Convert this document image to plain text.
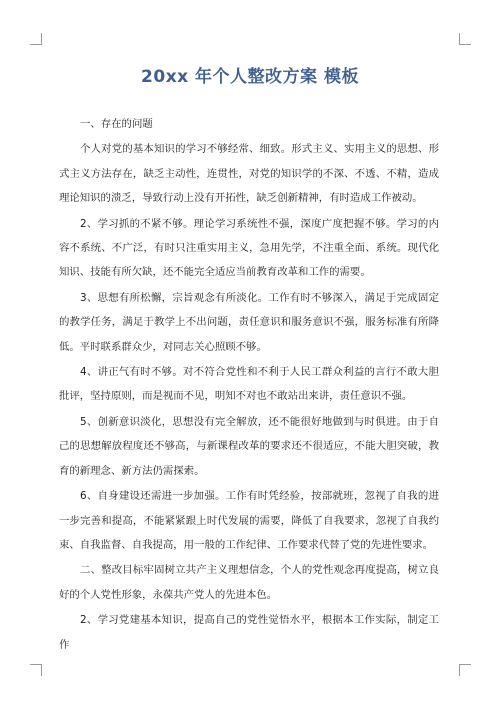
20xx 年个人整改方案 模板

一、存在的问题

个人对党的基本知识的学习不够经常、细致。形式主义、实用主义的思想、形式主义方法存在，缺乏主动性，连贯性，对党的知识学的不深、不透、不精，造成理论知识的溃乏，导致行动上没有开拓性，缺乏创新精神，有时造成工作被动。

2、学习抓的不紧不够。理论学习系统性不强，深度广度把握不够。学习的内容不系统、不广泛，有时只注重实用主义，急用先学，不注重全面、系统。现代化知识、技能有所欠缺，还不能完全适应当前教育改革和工作的需要。

3、思想有所松懈，宗旨观念有所淡化。工作有时不够深入，满足于完成固定的教学任务，满足于教学上不出问题，责任意识和服务意识不强，服务标准有所降低。平时联系群众少，对同志关心照顾不够。

4、讲正气有时不够。对不符合党性和不利于人民工群众利益的言行不敢大胆批评，坚持原则，而是视而不见，明知不对也不敢站出来讲，责任意识不强。

5、创新意识淡化，思想没有完全解放，还不能很好地做到与时俱进。由于自己的思想解放程度还不够高，与新课程改革的要求还不很适应，不能大胆突破，教育的新理念、新方法仍需探索。

6、自身建设还需进一步加强。工作有时凭经验，按部就班，忽视了自我的进一步完善和提高，不能紧紧跟上时代发展的需要，降低了自我要求，忽视了自我约束、自我监督、自我提高，用一般的工作纪律、工作要求代替了党的先进性要求。

二、整改目标牢固树立共产主义理想信念，个人的党性观念再度提高，树立良好的个人党性形象，永葆共产党人的先进本色。

2、学习党建基本知识，提高自己的党性觉悟水平，根据本工作实际，制定工作
